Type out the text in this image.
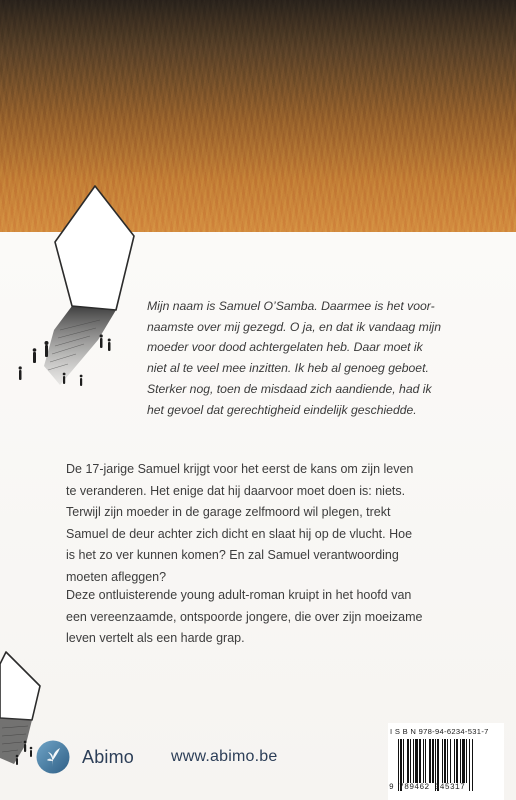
Mijn naam is Samuel O’Samba. Daarmee is het voor-
naamste over mij gezegd. O ja, en dat ik vandaag mijn
moeder voor dood achtergelaten heb. Daar moet ik
niet al te veel mee inzitten. Ik heb al genoeg geboet.
Sterker nog, toen de misdaad zich aandiende, had ik
het gevoel dat gerechtigheid eindelijk geschiedde.
De 17-jarige Samuel krijgt voor het eerst de kans om zijn leven
te veranderen. Het enige dat hij daarvoor moet doen is: niets.
Terwijl zijn moeder in de garage zelfmoord wil plegen, trekt
Samuel de deur achter zich dicht en slaat hij op de vlucht. Hoe
is het zo ver kunnen komen? En zal Samuel verantwoording
moeten afleggen?
Deze ontluisterende young adult-roman kruipt in het hoofd van
een vereenzaamde, ontspoorde jongere, die over zijn moeizame
leven vertelt als een harde grap.
Abimo www.abimo.be
I S B N 978-94-6234-531-7
9 789462 345317
